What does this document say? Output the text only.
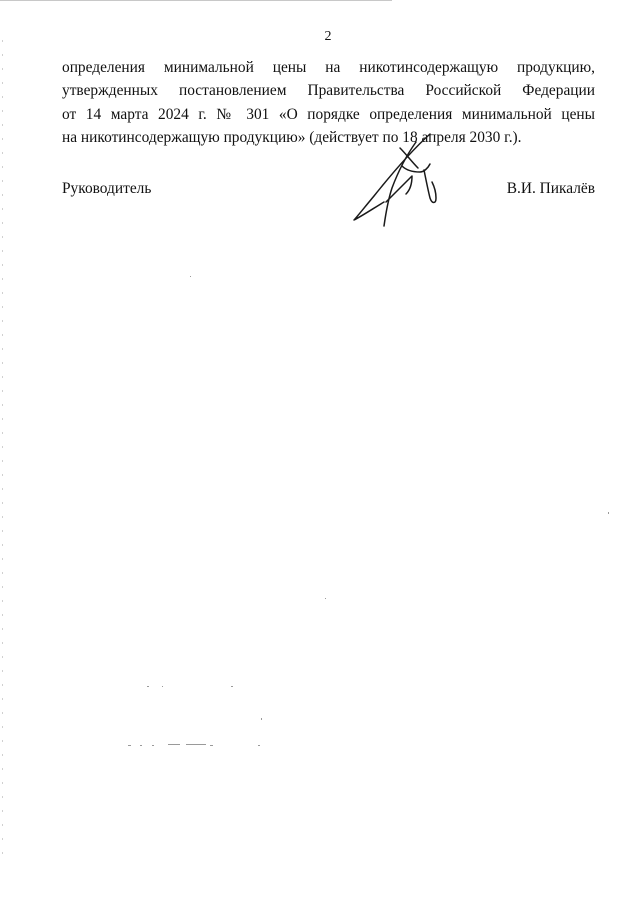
2
определения минимальной цены на никотинсодержащую продукцию,
утвержденных постановлением Правительства Российской Федерации
от 14 марта 2024 г. № 301 «О порядке определения минимальной цены
на никотинсодержащую продукцию» (действует по 18 апреля 2030 г.).
Руководитель	В.И. Пикалёв
